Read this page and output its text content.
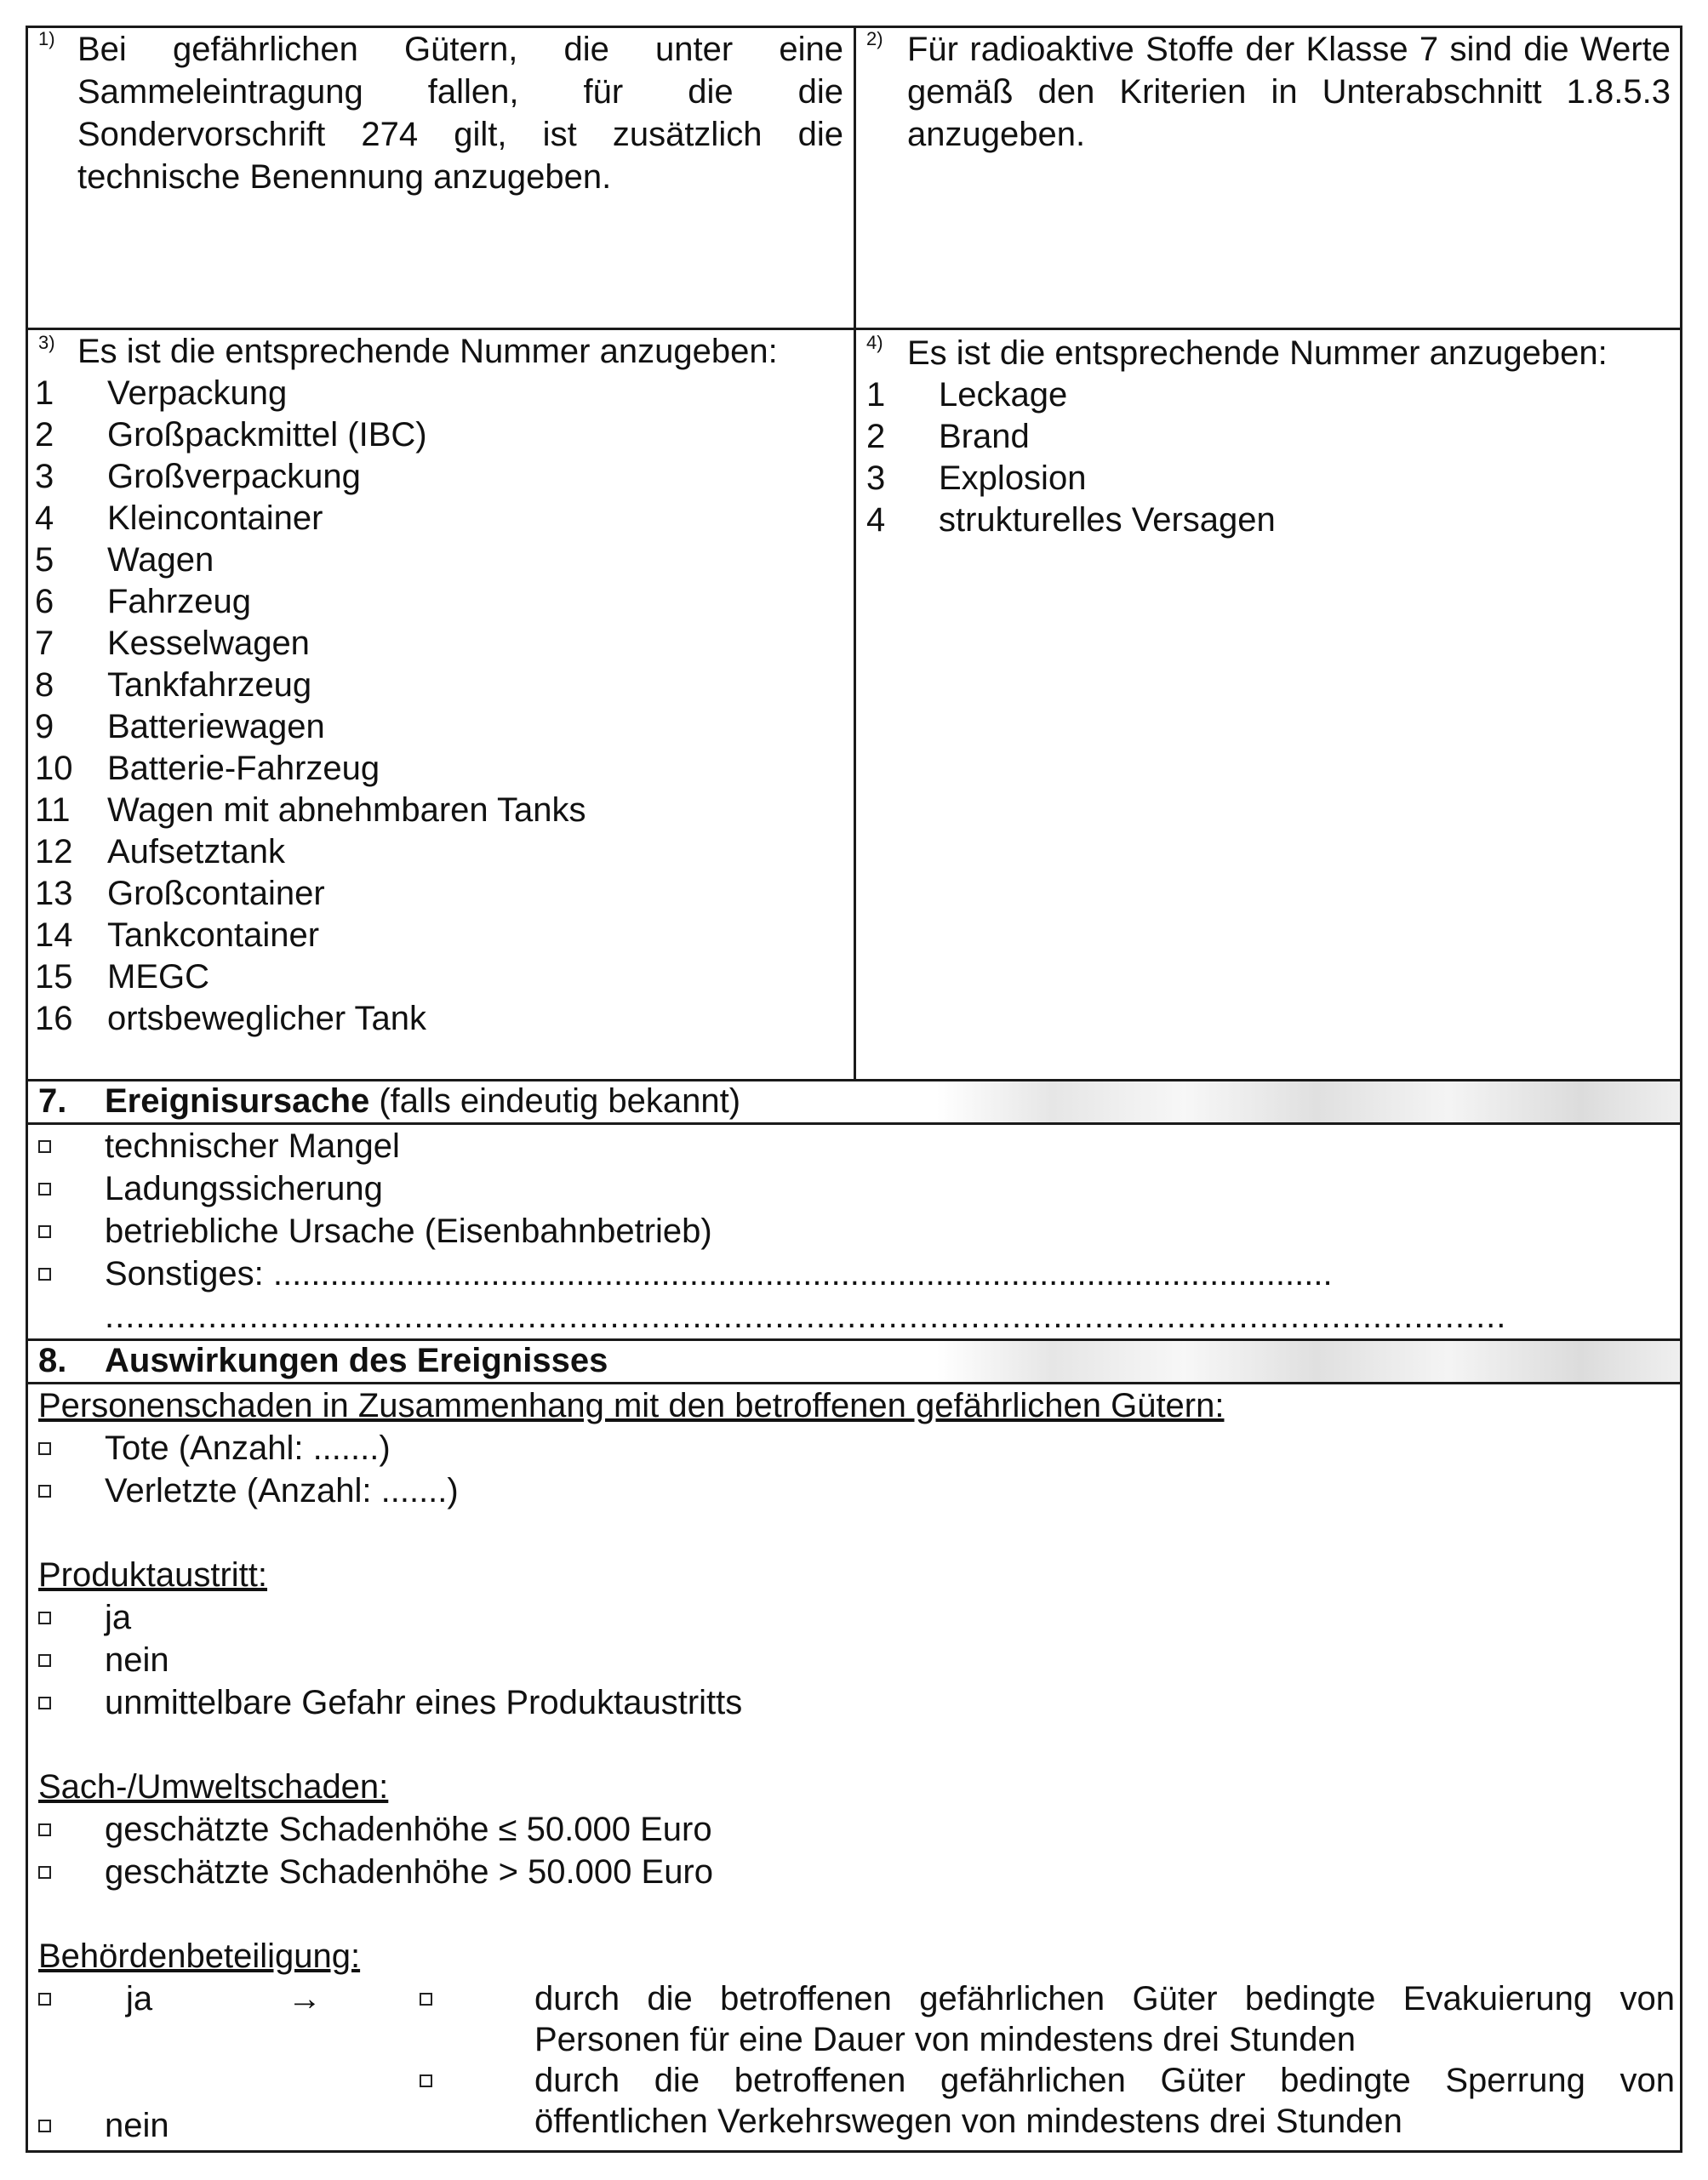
1) Bei gefährlichen Gütern, die unter eine Sammeleintragung fallen, für die die Sondervorschrift 274 gilt, ist zusätzlich die technische Benennung anzugeben.
2) Für radioaktive Stoffe der Klasse 7 sind die Werte gemäß den Kriterien in Unterabschnitt 1.8.5.3 anzugeben.
3) Es ist die entsprechende Nummer anzugeben:
1	Verpackung
2	Großpackmittel (IBC)
3	Großverpackung
4	Kleincontainer
5	Wagen
6	Fahrzeug
7	Kesselwagen
8	Tankfahrzeug
9	Batteriewagen
10	Batterie-Fahrzeug
11	Wagen mit abnehmbaren Tanks
12	Aufsetztank
13	Großcontainer
14	Tankcontainer
15	MEGC
16	ortsbeweglicher Tank
4) Es ist die entsprechende Nummer anzugeben:
1	Leckage
2	Brand
3	Explosion
4	strukturelles Versagen
7. Ereignisursache (falls eindeutig bekannt)
technischer Mangel
Ladungssicherung
betriebliche Ursache (Eisenbahnbetrieb)
Sonstiges: ................................................................................................................
........................................................................................................................................
8. Auswirkungen des Ereignisses
Personenschaden in Zusammenhang mit den betroffenen gefährlichen Gütern:
Tote (Anzahl: .......)
Verletzte (Anzahl: .......)
Produktaustritt:
ja
nein
unmittelbare Gefahr eines Produktaustritts
Sach-/Umweltschaden:
geschätzte Schadenhöhe ≤ 50.000 Euro
geschätzte Schadenhöhe > 50.000 Euro
Behördenbeteiligung:
ja	→	durch die betroffenen gefährlichen Güter bedingte Evakuierung von Personen für eine Dauer von mindestens drei Stunden
durch die betroffenen gefährlichen Güter bedingte Sperrung von öffentlichen Verkehrswegen von mindestens drei Stunden
nein
